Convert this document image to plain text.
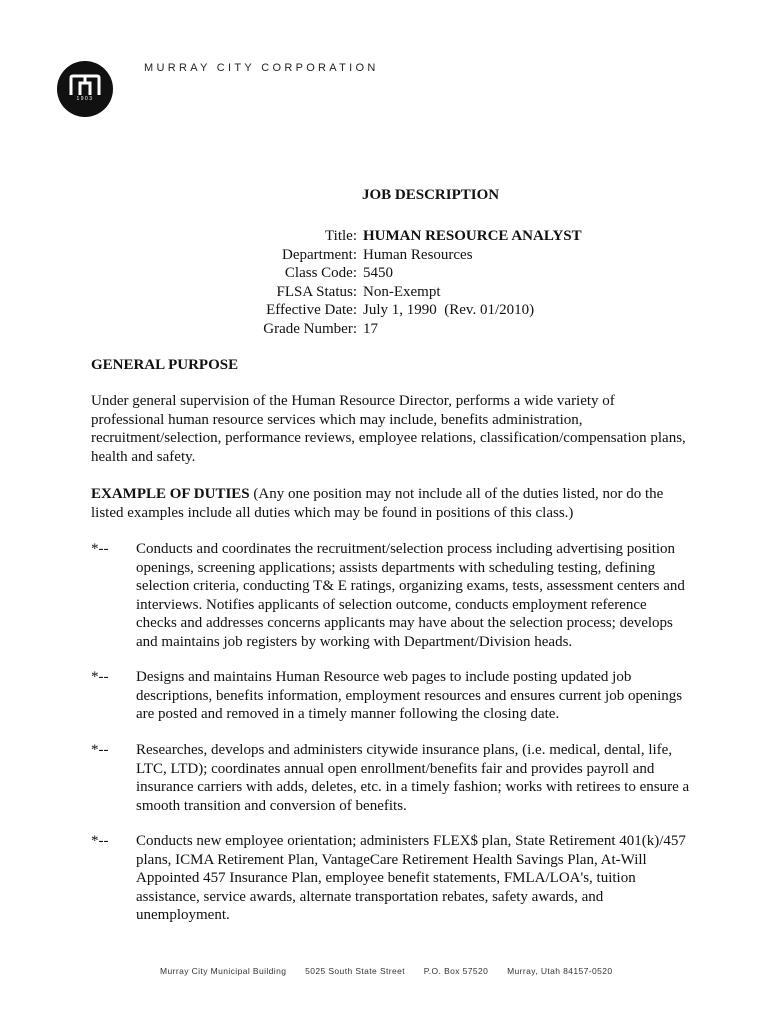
1903
MURRAY CITY CORPORATION
JOB DESCRIPTION
Title: HUMAN RESOURCE ANALYST
Department: Human Resources
Class Code: 5450
FLSA Status: Non-Exempt
Effective Date: July 1, 1990  (Rev. 01/2010)
Grade Number: 17
GENERAL PURPOSE
Under general supervision of the Human Resource Director, performs a wide variety of professional human resource services which may include, benefits administration, recruitment/selection, performance reviews, employee relations, classification/compensation plans, health and safety.
EXAMPLE OF DUTIES (Any one position may not include all of the duties listed, nor do the listed examples include all duties which may be found in positions of this class.)
*-- Conducts and coordinates the recruitment/selection process including advertising position openings, screening applications; assists departments with scheduling testing, defining selection criteria, conducting T& E ratings, organizing exams, tests, assessment centers and interviews. Notifies applicants of selection outcome, conducts employment reference checks and addresses concerns applicants may have about the selection process; develops and maintains job registers by working with Department/Division heads.
*-- Designs and maintains Human Resource web pages to include posting updated job descriptions, benefits information, employment resources and ensures current job openings are posted and removed in a timely manner following the closing date.
*-- Researches, develops and administers citywide insurance plans, (i.e. medical, dental, life, LTC, LTD); coordinates annual open enrollment/benefits fair and provides payroll and insurance carriers with adds, deletes, etc. in a timely fashion; works with retirees to ensure a smooth transition and conversion of benefits.
*-- Conducts new employee orientation; administers FLEX$ plan, State Retirement 401(k)/457 plans, ICMA Retirement Plan, VantageCare Retirement Health Savings Plan, At-Will Appointed 457 Insurance Plan, employee benefit statements, FMLA/LOA's, tuition assistance, service awards, alternate transportation rebates, safety awards, and unemployment.
Murray City Municipal Building 5025 South State Street P.O. Box 57520 Murray, Utah 84157-0520
